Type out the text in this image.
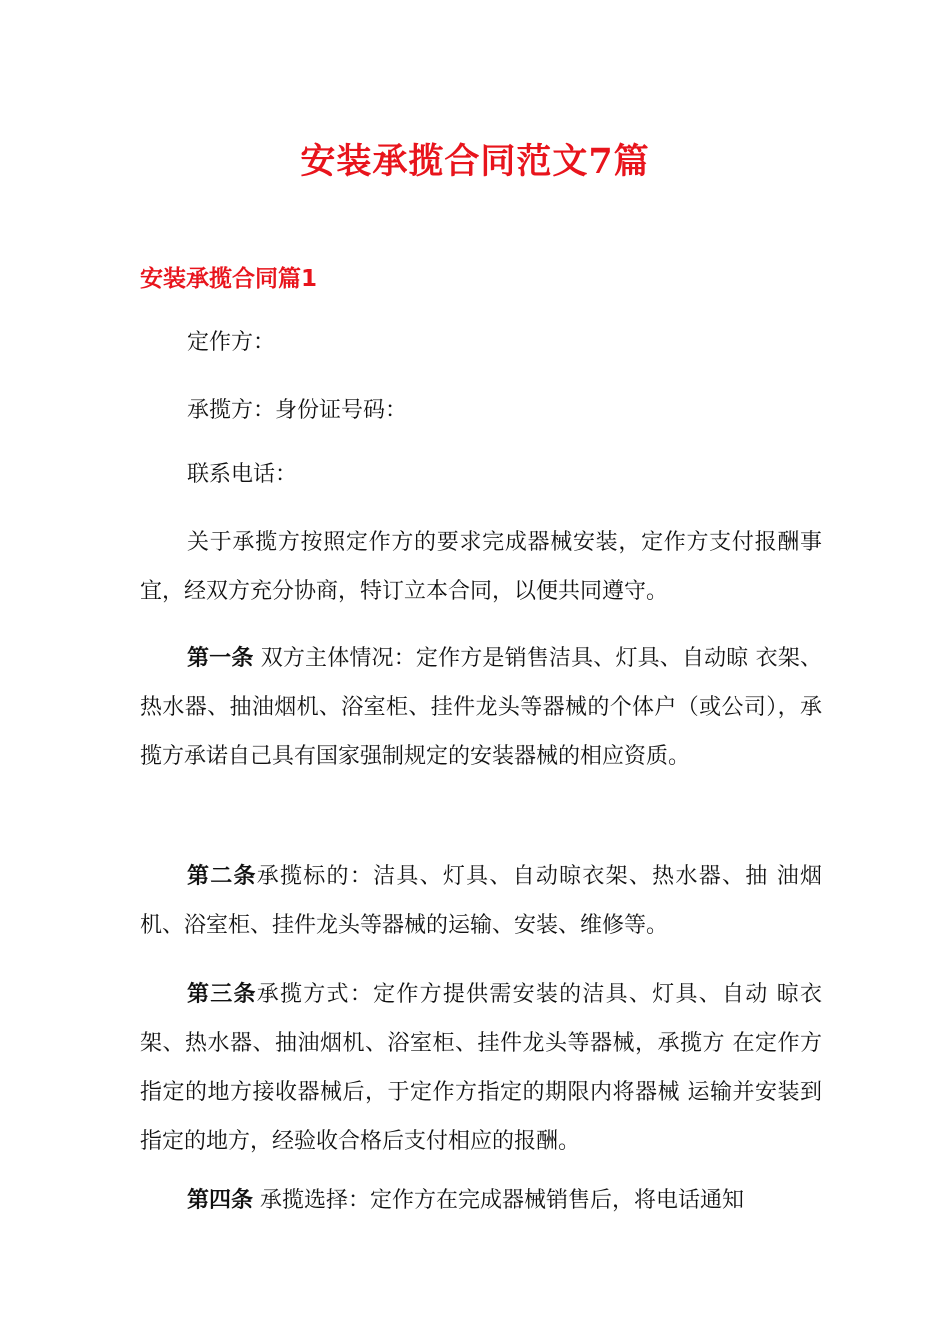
安装承揽合同范文7篇
安装承揽合同篇1

定作方：

承揽方：身份证号码：

联系电话：

关于承揽方按照定作方的要求完成器械安装，定作方支付报酬事宜，经双方充分协商，特订立本合同，以便共同遵守。

第一条 双方主体情况：定作方是销售洁具、灯具、自动晾 衣架、热水器、抽油烟机、浴室柜、挂件龙头等器械的个体户（或公司），承揽方承诺自己具有国家强制规定的安装器械的相应资质。

第二条承揽标的：洁具、灯具、自动晾衣架、热水器、抽 油烟机、浴室柜、挂件龙头等器械的运输、安装、维修等。

第三条承揽方式：定作方提供需安装的洁具、灯具、自动 晾衣架、热水器、抽油烟机、浴室柜、挂件龙头等器械，承揽方 在定作方指定的地方接收器械后，于定作方指定的期限内将器械 运输并安装到指定的地方，经验收合格后支付相应的报酬。

第四条 承揽选择：定作方在完成器械销售后，将电话通知
